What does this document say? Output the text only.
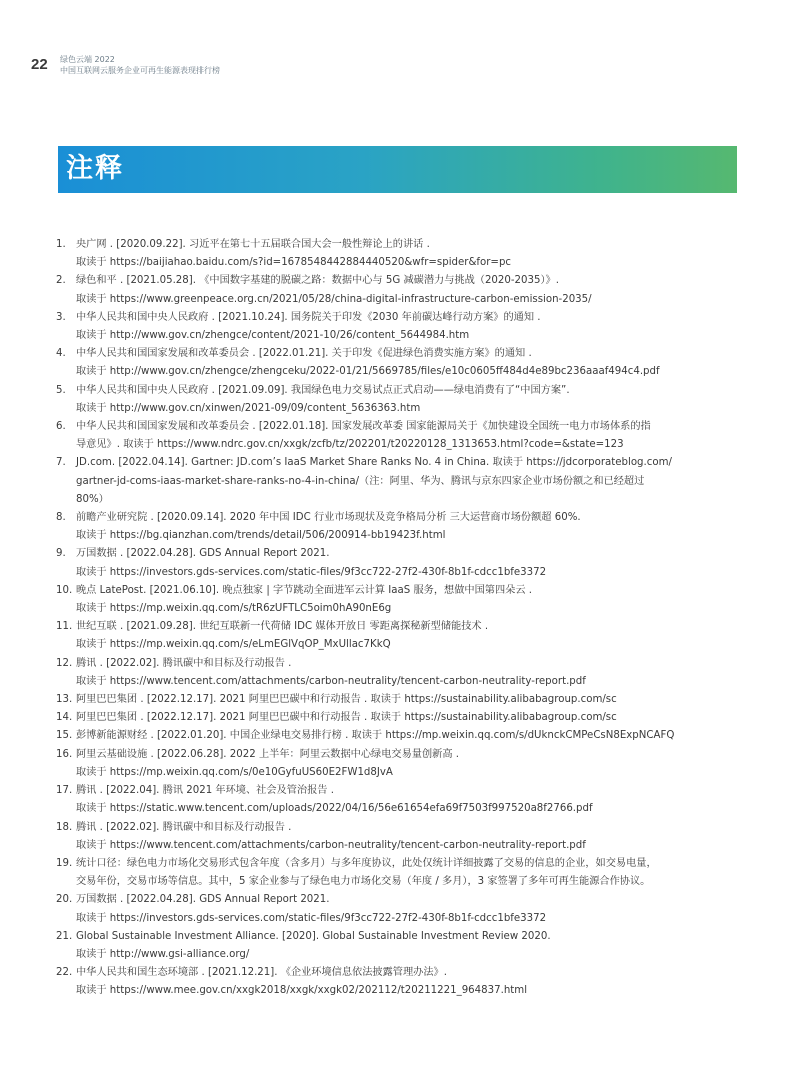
22 绿色云端 2022
中国互联网云服务企业可再生能源表现排行榜
注释
1. 央广网 . [2020.09.22]. 习近平在第七十五届联合国大会一般性辩论上的讲话 .
取读于 https://baijiahao.baidu.com/s?id=1678548442884440520&wfr=spider&for=pc
2. 绿色和平 . [2021.05.28]. 《中国数字基建的脱碳之路：数据中心与 5G 减碳潜力与挑战（2020-2035）》.
取读于 https://www.greenpeace.org.cn/2021/05/28/china-digital-infrastructure-carbon-emission-2035/
3. 中华人民共和国中央人民政府 . [2021.10.24]. 国务院关于印发《2030 年前碳达峰行动方案》的通知 .
取读于 http://www.gov.cn/zhengce/content/2021-10/26/content_5644984.htm
4. 中华人民共和国国家发展和改革委员会 . [2022.01.21]. 关于印发《促进绿色消费实施方案》的通知 .
取读于 http://www.gov.cn/zhengce/zhengceku/2022-01/21/5669785/files/e10c0605ff484d4e89bc236aaaf494c4.pdf
5. 中华人民共和国中央人民政府 . [2021.09.09]. 我国绿色电力交易试点正式启动——绿电消费有了“中国方案”.
取读于 http://www.gov.cn/xinwen/2021-09/09/content_5636363.htm
6. 中华人民共和国国家发展和改革委员会 . [2022.01.18]. 国家发展改革委 国家能源局关于《加快建设全国统一电力市场体系的指
导意见》. 取读于 https://www.ndrc.gov.cn/xxgk/zcfb/tz/202201/t20220128_1313653.html?code=&state=123
7. JD.com. [2022.04.14]. Gartner: JD.com’s IaaS Market Share Ranks No. 4 in China. 取读于 https://jdcorporateblog.com/
gartner-jd-coms-iaas-market-share-ranks-no-4-in-china/（注：阿里、华为、腾讯与京东四家企业市场份额之和已经超过
80%）
8. 前瞻产业研究院 . [2020.09.14]. 2020 年中国 IDC 行业市场现状及竞争格局分析 三大运营商市场份额超 60%.
取读于 https://bg.qianzhan.com/trends/detail/506/200914-bb19423f.html
9. 万国数据 . [2022.04.28]. GDS Annual Report 2021.
取读于 https://investors.gds-services.com/static-files/9f3cc722-27f2-430f-8b1f-cdcc1bfe3372
10. 晚点 LatePost. [2021.06.10]. 晚点独家 | 字节跳动全面进军云计算 IaaS 服务，想做中国第四朵云 .
取读于 https://mp.weixin.qq.com/s/tR6zUFTLC5oim0hA90nE6g
11. 世纪互联 . [2021.09.28]. 世纪互联新一代荷储 IDC 媒体开放日 零距离探秘新型储能技术 .
取读于 https://mp.weixin.qq.com/s/eLmEGlVqOP_MxUllac7KkQ
12. 腾讯 . [2022.02]. 腾讯碳中和目标及行动报告 .
取读于 https://www.tencent.com/attachments/carbon-neutrality/tencent-carbon-neutrality-report.pdf
13. 阿里巴巴集团 . [2022.12.17]. 2021 阿里巴巴碳中和行动报告 . 取读于 https://sustainability.alibabagroup.com/sc
14. 阿里巴巴集团 . [2022.12.17]. 2021 阿里巴巴碳中和行动报告 . 取读于 https://sustainability.alibabagroup.com/sc
15. 彭博新能源财经 . [2022.01.20]. 中国企业绿电交易排行榜 . 取读于 https://mp.weixin.qq.com/s/dUknckCMPeCsN8ExpNCAFQ
16. 阿里云基础设施 . [2022.06.28]. 2022 上半年：阿里云数据中心绿电交易量创新高 .
取读于 https://mp.weixin.qq.com/s/0e10GyfuUS60E2FW1d8JvA
17. 腾讯 . [2022.04]. 腾讯 2021 年环境、社会及管治报告 .
取读于 https://static.www.tencent.com/uploads/2022/04/16/56e61654efa69f7503f997520a8f2766.pdf
18. 腾讯 . [2022.02]. 腾讯碳中和目标及行动报告 .
取读于 https://www.tencent.com/attachments/carbon-neutrality/tencent-carbon-neutrality-report.pdf
19. 统计口径：绿色电力市场化交易形式包含年度（含多月）与多年度协议，此处仅统计详细披露了交易的信息的企业，如交易电量，
交易年份，交易市场等信息。其中，5 家企业参与了绿色电力市场化交易（年度 / 多月），3 家签署了多年可再生能源合作协议。
20. 万国数据 . [2022.04.28]. GDS Annual Report 2021.
取读于 https://investors.gds-services.com/static-files/9f3cc722-27f2-430f-8b1f-cdcc1bfe3372
21. Global Sustainable Investment Alliance. [2020]. Global Sustainable Investment Review 2020.
取读于 http://www.gsi-alliance.org/
22. 中华人民共和国生态环境部 . [2021.12.21]. 《企业环境信息依法披露管理办法》.
取读于 https://www.mee.gov.cn/xxgk2018/xxgk/xxgk02/202112/t20211221_964837.html
